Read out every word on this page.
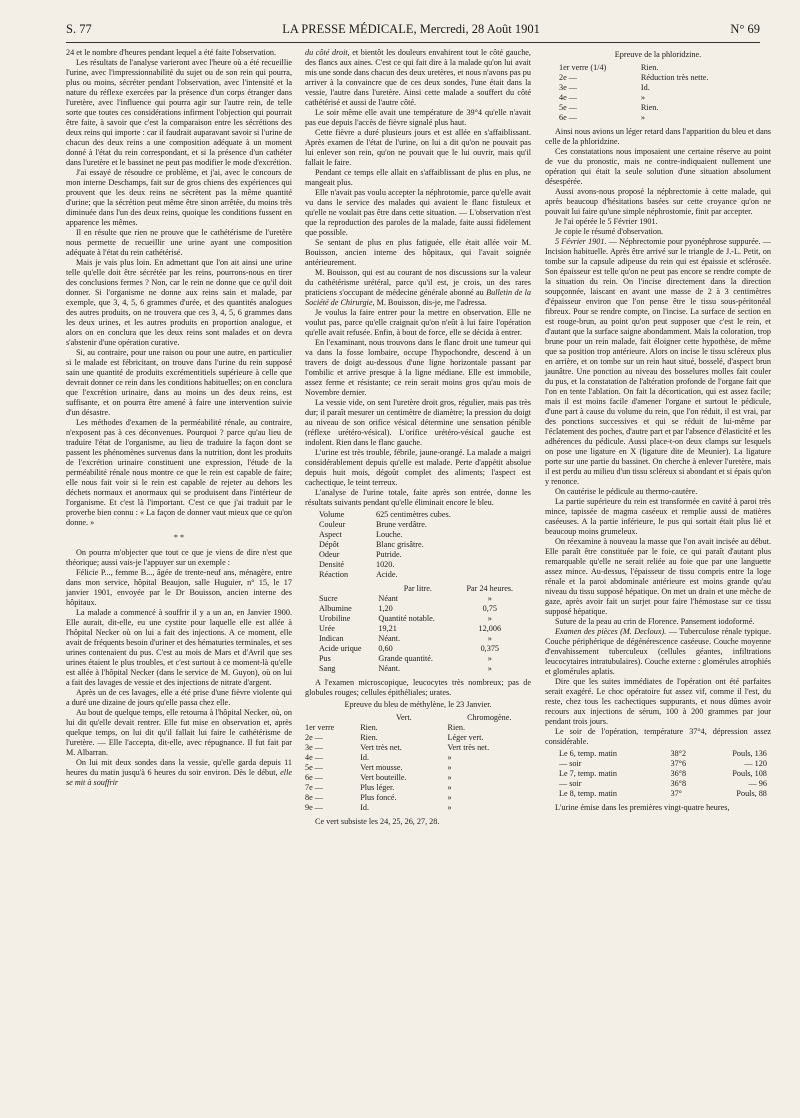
S. 77	LA PRESSE MÉDICALE, Mercredi, 28 Août 1901	N° 69

24 et le nombre d'heures pendant lequel a été faite l'observation.

Les résultats de l'analyse varieront avec l'heure où a été recueillie l'urine, avec l'impressionnabilité du sujet ou de son rein qui pourra, plus ou moins, sécréter pendant l'observation, avec l'intensité et la nature du réflexe exercées par la présence d'un corps étranger dans l'uretère, avec l'influence qui pourra agir sur l'autre rein, de telle sorte que toutes ces considérations infirment l'objection qui pourrait être faite, à savoir que c'est la comparaison entre les sécrétions des deux reins qui importe : car il faudrait auparavant savoir si l'urine de chacun des deux reins a une composition adéquate à un moment donné à l'état du rein correspondant, et si la présence d'un cathéter dans l'uretère et le bassinet ne peut pas modifier le mode d'excrétion.

J'ai essayé de résoudre ce problème, et j'ai, avec le concours de mon interne Deschamps, fait sur de gros chiens des expériences qui prouvent que les deux reins ne sécrètent pas la même quantité d'urine; que la sécrétion peut même être sinon arrêtée, du moins très diminuée dans l'un des deux reins, quoique les conditions fussent en apparence les mêmes.

Il en résulte que rien ne prouve que le cathétérisme de l'uretère nous permette de recueillir une urine ayant une composition adéquate à l'état du rein cathétérisé.

Mais je vais plus loin. En admettant que l'on ait ainsi une urine telle qu'elle doit être sécrétée par les reins, pourrons-nous en tirer des conclusions fermes ? Non, car le rein ne donne que ce qu'il doit donner. Si l'organisme ne donne aux reins sain et malade, par exemple, que 3, 4, 5, 6 grammes d'urée, et des quantités analogues des autres produits, on ne trouvera que ces 3, 4, 5, 6 grammes dans les deux urines, et les autres produits en proportion analogue, et alors on en conclura que les deux reins sont malades et on devra s'abstenir d'une opération curative.

Si, au contraire, pour une raison ou pour une autre, en particulier si le malade est fébricitant, on trouve dans l'urine du rein supposé sain une quantité de produits excrémentitiels supérieure à celle que devrait donner ce rein dans les conditions habituelles; on en conclura que l'excrétion urinaire, dans au moins un des deux reins, est suffisante, et on pourra être amené à faire une intervention suivie d'un désastre.

Les méthodes d'examen de la perméabilité rénale, au contraire, n'exposent pas à ces déconvenues. Pourquoi ? parce qu'au lieu de traduire l'état de l'organisme, au lieu de traduire la façon dont se passent les phénomènes survenus dans la nutrition, dont les produits de l'excrétion urinaire constituent une expression, l'étude de la perméabilité rénale nous montre ce que le rein est capable de faire; elle nous fait voir si le rein est capable de rejeter au dehors les déchets normaux et anormaux qui se produisent dans l'intérieur de l'organisme. Et c'est là l'important. C'est ce que j'ai traduit par le proverbe bien connu : « La façon de donner vaut mieux que ce qu'on donne. »

* *

On pourra m'objecter que tout ce que je viens de dire n'est que théorique; aussi vais-je l'appuyer sur un exemple :

Félicie P..., femme B..., âgée de trente-neuf ans, ménagère, entre dans mon service, hôpital Beaujon, salle Huguier, n° 15, le 17 janvier 1901, envoyée par le Dr Bouisson, ancien interne des hôpitaux.

La malade a commencé à souffrir il y a un an, en Janvier 1900. Elle aurait, dit-elle, eu une cystite pour laquelle elle est allée à l'hôpital Necker où on lui a fait des injections. A ce moment, elle avait de fréquents besoin d'uriner et des hématuries terminales, et ses urines contenaient du pus. C'est au mois de Mars et d'Avril que ses urines étaient le plus troubles, et c'est surtout à ce moment-là qu'elle est allée à l'hôpital Necker (dans le service de M. Guyon), où on lui a fait des lavages de vessie et des injections de nitrate d'argent.

Après un de ces lavages, elle a été prise d'une fièvre violente qui a duré une dizaine de jours qu'elle passa chez elle.

Au bout de quelque temps, elle retourna à l'hôpital Necker, où, on lui dit qu'elle devait rentrer. Elle fut mise en observation et, après quelque temps, on lui dit qu'il fallait lui faire le cathétérisme de l'uretère. — Elle l'accepta, dit-elle, avec répugnance. Il fut fait par M. Albarran.

On lui mit deux sondes dans la vessie, qu'elle garda depuis 11 heures du matin jusqu'à 6 heures du soir environ. Dès le début, elle se mit à souffrir

du côté droit, et bientôt les douleurs envahirent tout le côté gauche, des flancs aux aines. C'est ce qui fait dire à la malade qu'on lui avait mis une sonde dans chacun des deux uretères, et nous n'avons pas pu arriver à la convaincre que de ces deux sondes, l'une était dans la vessie, l'autre dans l'uretère. Ainsi cette malade a souffert du côté cathétérisé et aussi de l'autre côté.

Le soir même elle avait une température de 39°4 qu'elle n'avait pas eue depuis l'accès de fièvre signalé plus haut.

Cette fièvre a duré plusieurs jours et est allée en s'affaiblissant. Après examen de l'état de l'urine, on lui a dit qu'on ne pouvait pas lui enlever son rein, qu'on ne pouvait que le lui ouvrir, mais qu'il fallait le faire.

Pendant ce temps elle allait en s'affaiblissant de plus en plus, ne mangeait plus.

Elle n'avait pas voulu accepter la néphrotomie, parce qu'elle avait vu dans le service des malades qui avaient le flanc fistuleux et qu'elle ne voulait pas être dans cette situation. — L'observation n'est que la reproduction des paroles de la malade, faite aussi fidèlement que possible.

Se sentant de plus en plus fatiguée, elle était allée voir M. Bouisson, ancien interne des hôpitaux, qui l'avait soignée antérieurement.

M. Bouisson, qui est au courant de nos discussions sur la valeur du cathétérisme urétéral, parce qu'il est, je crois, un des rares praticiens s'occupant de médecine générale abonné au Bulletin de la Société de Chirurgie, M. Bouisson, dis-je, me l'adressa.

Je voulus la faire entrer pour la mettre en observation. Elle ne voulut pas, parce qu'elle craignait qu'on n'eût à lui faire l'opération qu'elle avait refusée. Enfin, à bout de force, elle se décida à entrer.

En l'examinant, nous trouvons dans le flanc droit une tumeur qui va dans la fosse lombaire, occupe l'hypochondre, descend à un travers de doigt au-dessous d'une ligne horizontale passant par l'ombilic et arrive presque à la ligne médiane. Elle est immobile, assez ferme et résistante; ce rein serait moins gros qu'au mois de Novembre dernier.

La vessie vide, on sent l'uretère droit gros, régulier, mais pas très dur; il paraît mesurer un centimètre de diamètre; la pression du doigt au niveau de son orifice vésical détermine une sensation pénible (réflexe urétéro-vésical). L'orifice urétéro-vésical gauche est indolent. Rien dans le flanc gauche.

L'urine est très trouble, fébrile, jaune-orangé. La malade a maigri considérablement depuis qu'elle est malade. Perte d'appétit absolue depuis huit mois, dégoût complet des aliments; l'aspect est cachectique, le teint terreux.

L'analyse de l'urine totale, faite après son entrée, donne les résultats suivants pendant qu'elle éliminait encore le bleu.

Volume	625 centimètres cubes.
Couleur	Brune verdâtre.
Aspect	Louche.
Dépôt	Blanc grisâtre.
Odeur	Putride.
Densité	1020.
Réaction	Acide.
	Par litre.	Par 24 heures.
Sucre	Néant	»
Albumine	1,20	0,75
Urobiline	Quantité notable.	»
Urée	19,21	12,006
Indican	Néant.	»
Acide urique	0,60	0,375
Pus	Grande quantité.	»
Sang	Néant.	»

A l'examen microscopique, leucocytes très nombreux; pas de globules rouges; cellules épithéliales; urates.

Epreuve du bleu de méthylène, le 23 Janvier.
	Vert.	Chromogène.
1er verre	Rien.	Rien.
2e —	Rien.	Léger vert.
3e —	Vert très net.	Vert très net.
4e —	Id.	»
5e —	Vert mousse.	»
6e —	Vert bouteille.	»
7e —	Plus léger.	»
8e —	Plus foncé.	»
9e —	Id.	»

Ce vert subsiste les 24, 25, 26, 27, 28.

Epreuve de la phloridzine.
1er verre (1/4)	Rien.
2e —	Réduction très nette.
3e —	Id.
4e —	»
5e —	Rien.
6e —	»

Ainsi nous avions un léger retard dans l'apparition du bleu et dans celle de la phloridzine.

Ces constatations nous imposaient une certaine réserve au point de vue du pronostic, mais ne contre-indiquaient nullement une opération qui était la seule solution d'une situation absolument désespérée.

Aussi avons-nous proposé la néphrectomie à cette malade, qui après beaucoup d'hésitations basées sur cette croyance qu'on ne pouvait lui faire qu'une simple néphrostomie, finit par accepter.

Je l'ai opérée le 5 Février 1901.

Je copie le résumé d'observation.

5 Février 1901. — Néphrectomie pour pyonéphrose suppurée. — Incision habituelle. Après être arrivé sur le triangle de J.-L. Petit, on tombe sur la capsule adipeuse du rein qui est épaissie et sclérosée. Son épaisseur est telle qu'on ne peut pas encore se rendre compte de la situation du rein. On l'incise directement dans la direction soupçonnée, laiscant en avant une masse de 2 à 3 centimètres d'épaisseur environ que l'on pense être le tissu sous-péritonéal fibreux. Pour se rendre compte, on l'incise. La surface de section en est rouge-brun, au point qu'on peut supposer que c'est le rein, et d'autant que la surface saigne abondamment. Mais la coloration, trop brune pour un rein malade, fait éloigner cette hypothèse, de même que sa position trop antérieure. Alors on incise le tissu scléreux plus en arrière, et on tombe sur un rein haut situé, bosselé, d'aspect brun jaunâtre. Une ponction au niveau des bosselures molles fait couler du pus, et la constatation de l'altération profonde de l'organe fait que l'on en tente l'ablation. On fait la décortication, qui est assez facile; mais il est moins facile d'amener l'organe et surtout le pédicule, d'une part à cause du volume du rein, que l'on réduit, il est vrai, par des ponctions successives et qui se réduit de lui-même par l'éclatement des poches, d'autre part et par l'absence d'élasticité et les adhérences du pédicule. Aussi place-t-on deux clamps sur lesquels on pose une ligature en X (ligature dite de Meunier). La ligature porte sur une partie du bassinet. On cherche à enlever l'uretère, mais il est perdu au milieu d'un tissu scléreux si abondant et si épais qu'on y renonce.

On cautérise le pédicule au thermo-cautère.

La partie supérieure du rein est transformée en cavité à paroi très mince, tapissée de magma caséeux et remplie aussi de matières caséeuses. A la partie inférieure, le pus qui sortait était plus lié et beaucoup moins grumeleux.

On réexamine à nouveau la masse que l'on avait incisée au début. Elle paraît être constituée par le foie, ce qui paraît d'autant plus remarquable qu'elle ne serait reliée au foie que par une languette assez mince. Au-dessus, l'épaisseur de tissu compris entre la loge rénale et la paroi abdominale antérieure est moins grande qu'au niveau du tissu supposé hépatique. On met un drain et une mèche de gaze, après avoir fait un surjet pour faire l'hémostase sur ce tissu supposé hépatique.

Suture de la peau au crin de Florence. Pansement iodoformé.

Examen des pièces (M. Decloux). — Tuberculose rénale typique. Couche périphérique de dégénérescence caséeuse. Couche moyenne d'envahissement tuberculeux (cellules géantes, infiltrations leucocytaires intratubulaires). Couche externe : glomérules atrophiés et glomérules aplatis.

Dire que les suites immédiates de l'opération ont été parfaites serait exagéré. Le choc opératoire fut assez vif, comme il l'est, du reste, chez tous les cachectiques suppurants, et nous dûmes avoir recours aux injections de sérum, 100 à 200 grammes par jour pendant trois jours.

Le soir de l'opération, température 37°4, dépression assez considérable.

Le 6, temp. matin	38°2	Pouls, 136
— soir	37°6	— 120
Le 7, temp. matin	36°8	Pouls, 108
— soir	36°8	— 96
Le 8, temp. matin	37°	Pouls, 88

L'urine émise dans les premières vingt-quatre heures,
